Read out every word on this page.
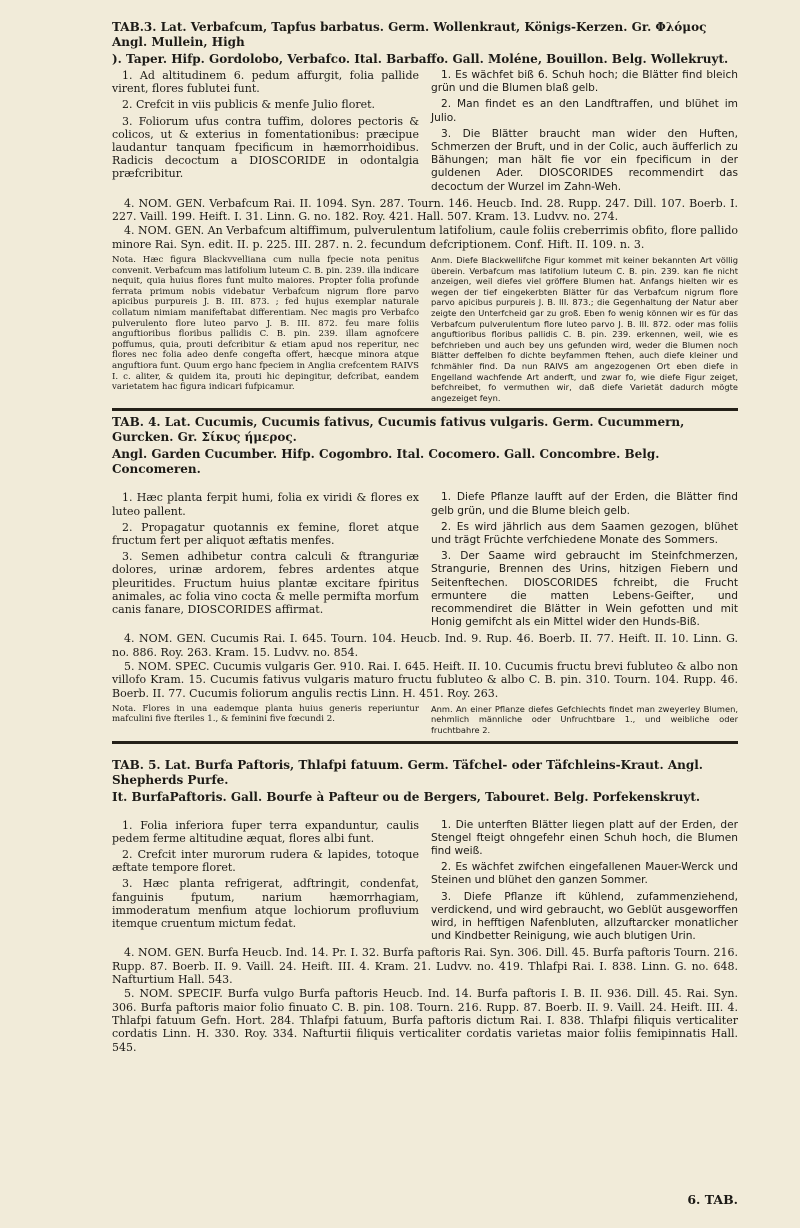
TAB.3. Lat. Verbafcum, Tapfus barbatus. Germ. Wollenkraut, Königs-Kerzen. Gr. Φλόμος Angl. Mullein, High
). Taper. Hifp. Gordolobo, Verbafco. Ital. Barbaffo. Gall. Moléne, Bouillon. Belg. Wollekruyt.

1. Ad altitudinem 6. pedum affurgit, folia pallide virent, flores fublutei funt.

2. Crefcit in viis publicis & menfe Julio floret.

3. Foliorum ufus contra tuffim, dolores pectoris & colicos, ut & exterius in fomentationibus: præcipue laudantur tanquam fpecificum in hæmorrhoidibus. Radicis decoctum a DIOSCORIDE in odontalgia præfcribitur.

1. Es wächfet biß 6. Schuh hoch; die Blätter find bleich grün und die Blumen blaß gelb.

2. Man findet es an den Landftraffen, und blühet im Julio.

3. Die Blätter braucht man wider den Huften, Schmerzen der Bruft, und in der Colic, auch äufferlich zu Bähungen; man hält fie vor ein fpecificum in der guldenen Ader. DIOSCORIDES recommendirt das decoctum der Wurzel im Zahn-Weh.

4. NOM. GEN. Verbafcum Rai. II. 1094. Syn. 287. Tourn. 146. Heucb. Ind. 28. Rupp. 247. Dill. 107. Boerb. I. 227. Vaill. 199. Heift. I. 31. Linn. G. no. 182. Roy. 421. Hall. 507. Kram. 13. Ludvv. no. 274.

4. NOM. GEN. An Verbafcum altiffimum, pulverulentum latifolium, caule foliis creberrimis obfito, flore pallido minore Rai. Syn. edit. II. p. 225. III. 287. n. 2. fecundum defcriptionem. Conf. Hift. II. 109. n. 3.

Nota. Hæc figura Blackvvelliana cum nulla fpecie nota penitus convenit. Verbafcum mas latifolium luteum C. B. pin. 239. illa indicare nequit, quia huius flores funt multo maiores. Propter folia profunde ferrata primum nobis videbatur Verbafcum nigrum flore parvo apicibus purpureis J. B. III. 873. ; fed hujus exemplar naturale collatum nimiam manifeftabat differentiam. Nec magis pro Verbafco pulverulento flore luteo parvo J. B. III. 872. feu mare foliis anguftioribus floribus pallidis C. B. pin. 239. illam agnofcere poffumus, quia, prouti defcribitur & etiam apud nos reperitur, nec flores nec folia adeo denfe congefta offert, hæcque minora atque anguftiora funt. Quum ergo hanc fpeciem in Anglia crefcentem RAIVS I. c. aliter, & quidem ita, prouti hic depingitur, defcribat, eandem varietatem hac figura indicari fufpicamur.

Anm. Diefe Blackwellifche Figur kommet mit keiner bekannten Art völlig überein. Verbafcum mas latifolium luteum C. B. pin. 239. kan fie nicht anzeigen, weil diefes viel gröffere Blumen hat. Anfangs hielten wir es wegen der tief eingekerbten Blätter für das Verbafcum nigrum flore parvo apicibus purpureis J. B. III. 873.; die Gegenhaltung der Natur aber zeigte den Unterfcheid gar zu groß. Eben fo wenig können wir es für das Verbafcum pulverulentum flore luteo parvo J. B. III. 872. oder mas foliis anguftioribus floribus pallidis C. B. pin. 239. erkennen, weil, wie es befchrieben und auch bey uns gefunden wird, weder die Blumen noch Blätter deffelben fo dichte beyfammen ftehen, auch diefe kleiner und fchmähler find. Da nun RAIVS am angezogenen Ort eben diefe in Engelland wachfende Art anderft, und zwar fo, wie diefe Figur zeiget, befchreibet, fo vermuthen wir, daß diefe Varietät dadurch mögte angezeiget feyn.

TAB. 4. Lat. Cucumis, Cucumis fativus, Cucumis fativus vulgaris. Germ. Cucummern, Gurcken. Gr. Σίκυς ήμερος.
Angl. Garden Cucumber. Hifp. Cogombro. Ital. Cocomero. Gall. Concombre. Belg. Concomeren.

1. Hæc planta ferpit humi, folia ex viridi & flores ex luteo pallent.

2. Propagatur quotannis ex femine, floret atque fructum fert per aliquot æftatis menfes.

3. Semen adhibetur contra calculi & ftranguriæ dolores, urinæ ardorem, febres ardentes atque pleuritides. Fructum huius plantæ excitare fpiritus animales, ac folia vino cocta & melle permifta morfum canis fanare, DIOSCORIDES affirmat.

1. Diefe Pflanze laufft auf der Erden, die Blätter find gelb grün, und die Blume bleich gelb.

2. Es wird jährlich aus dem Saamen gezogen, blühet und trägt Früchte verfchiedene Monate des Sommers.

3. Der Saame wird gebraucht im Steinfchmerzen, Strangurie, Brennen des Urins, hitzigen Fiebern und Seitenftechen. DIOSCORIDES fchreibt, die Frucht ermuntere die matten Lebens-Geifter, und recommendiret die Blätter in Wein gefotten und mit Honig gemifcht als ein Mittel wider den Hunds-Biß.

4. NOM. GEN. Cucumis Rai. I. 645. Tourn. 104. Heucb. Ind. 9. Rup. 46. Boerb. II. 77. Heift. II. 10. Linn. G. no. 886. Roy. 263. Kram. 15. Ludvv. no. 854.

5. NOM. SPEC. Cucumis vulgaris Ger. 910. Rai. I. 645. Heift. II. 10. Cucumis fructu brevi fubluteo & albo non villofo Kram. 15. Cucumis fativus vulgaris maturo fructu fubluteo & albo C. B. pin. 310. Tourn. 104. Rupp. 46. Boerb. II. 77. Cucumis foliorum angulis rectis Linn. H. 451. Roy. 263.

Nota. Flores in una eademque planta huius generis reperiuntur mafculini five fteriles 1., & feminini five fœcundi 2.

Anm. An einer Pflanze diefes Gefchlechts findet man zweyerley Blumen, nehmlich männliche oder Unfruchtbare 1., und weibliche oder fruchtbahre 2.

TAB. 5. Lat. Burfa Paftoris, Thlafpi fatuum. Germ. Täfchel- oder Täfchleins-Kraut. Angl. Shepherds Purfe.
It. BurfaPaftoris. Gall. Bourfe à Pafteur ou de Bergers, Tabouret. Belg. Porfekenskruyt.

1. Folia inferiora fuper terra expanduntur, caulis pedem ferme altitudine æquat, flores albi funt.

2. Crefcit inter murorum rudera & lapides, totoque æftate tempore floret.

3. Hæc planta refrigerat, adftringit, condenfat, fanguinis fputum, narium hæmorrhagiam, immoderatum menfium atque lochiorum profluvium itemque cruentum mictum fedat.

1. Die unterften Blätter liegen platt auf der Erden, der Stengel fteigt ohngefehr einen Schuh hoch, die Blumen find weiß.

2. Es wächfet zwifchen eingefallenen Mauer-Werck und Steinen und blühet den ganzen Sommer.

3. Diefe Pflanze ift kühlend, zufammenziehend, verdickend, und wird gebraucht, wo Geblüt ausgeworffen wird, in hefftigen Nafenbluten, allzuftarcker monatlicher und Kindbetter Reinigung, wie auch blutigen Urin.

4. NOM. GEN. Burfa Heucb. Ind. 14. Pr. I. 32. Burfa paftoris Rai. Syn. 306. Dill. 45. Burfa paftoris Tourn. 216. Rupp. 87. Boerb. II. 9. Vaill. 24. Heift. III. 4. Kram. 21. Ludvv. no. 419. Thlafpi Rai. I. 838. Linn. G. no. 648. Nafturtium Hall. 543.

5. NOM. SPECIF. Burfa vulgo Burfa paftoris Heucb. Ind. 14. Burfa paftoris I. B. II. 936. Dill. 45. Rai. Syn. 306. Burfa paftoris maior folio finuato C. B. pin. 108. Tourn. 216. Rupp. 87. Boerb. II. 9. Vaill. 24. Heift. III. 4. Thlafpi fatuum Gefn. Hort. 284. Thlafpi fatuum, Burfa paftoris dictum Rai. I. 838. Thlafpi filiquis verticaliter cordatis Linn. H. 330. Roy. 334. Nafturtii filiquis verticaliter cordatis varietas maior foliis femipinnatis Hall. 545.

6. TAB.
